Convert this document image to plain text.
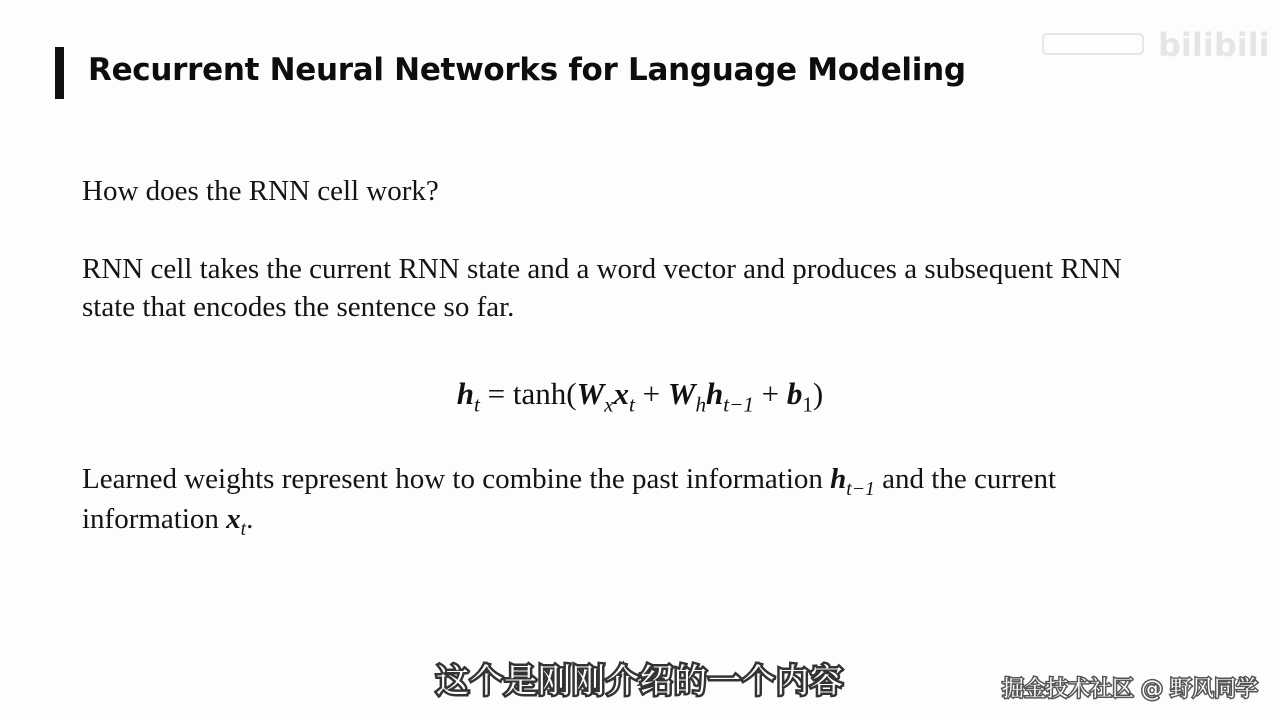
Recurrent Neural Networks for Language Modeling
bilibili
How does the RNN cell work?
RNN cell takes the current RNN state and a word vector and produces a subsequent RNN
state that encodes the sentence so far.
$h_t = \tanh(W_xx_t + W_hh_{t-1} + b_1)$
Learned weights represent how to combine the past information $h_{t-1}$ and the current
information $x_t$.
这个是刚刚介绍的一个内容	掘金技术社区 @ 野风同学
